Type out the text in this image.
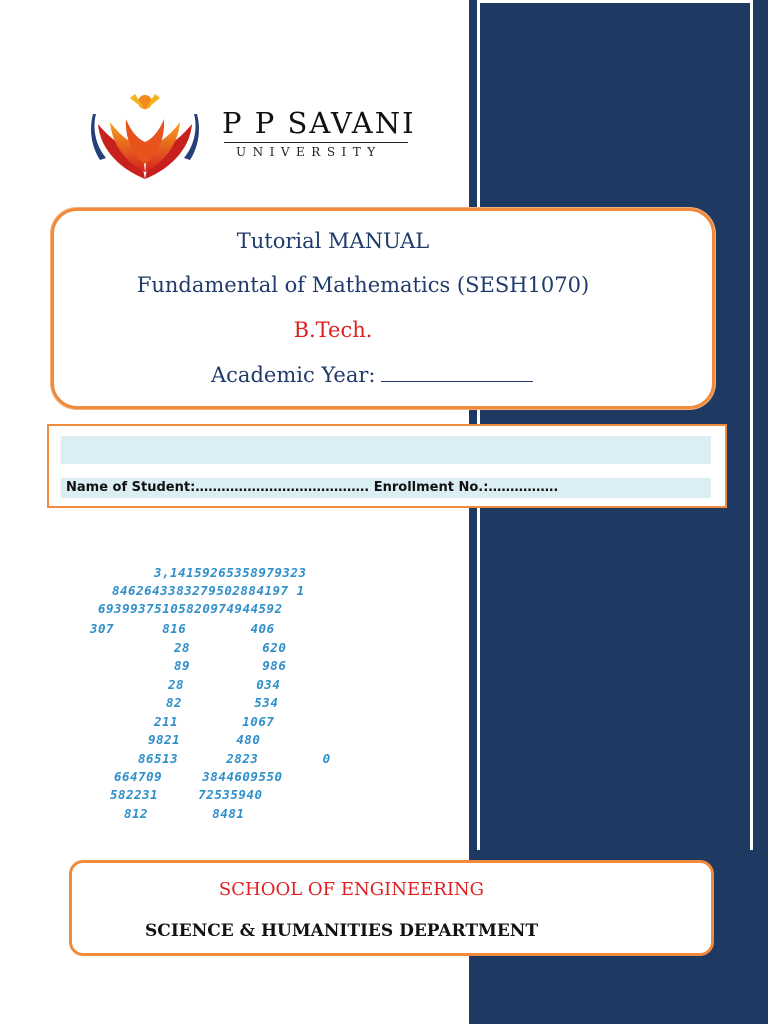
P P SAVANI
UNIVERSITY
Tutorial MANUAL
Fundamental of Mathematics (SESH1070)
B.Tech.
Academic Year:
Name of Student:…………………………………. Enrollment No.:…………….
3,14159265358979323
8462643383279502884197 1
69399375105820974944592
307      816        406
28         620
89         986
28         034
82         534
211        1067
9821       480
86513      2823        0
664709     3844609550
582231     72535940
812        8481
SCHOOL OF ENGINEERING
SCIENCE & HUMANITIES DEPARTMENT
